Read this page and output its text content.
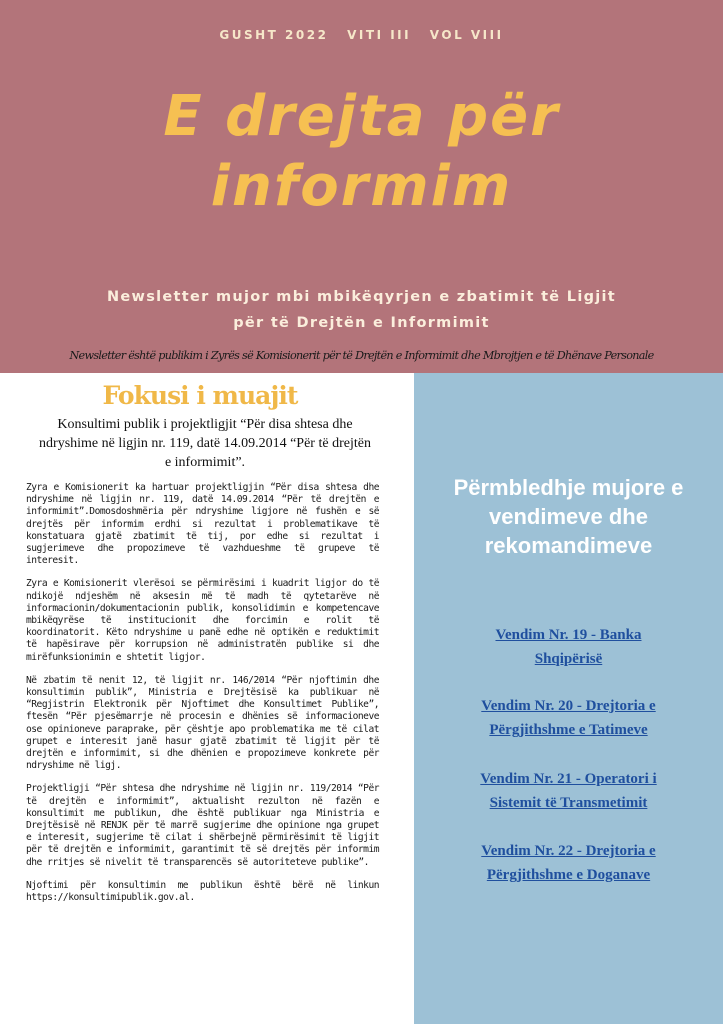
GUSHT 2022 VITI III VOL VIII
E drejta për
informim
Newsletter mujor mbi mbikëqyrjen e zbatimit të Ligjit
për të Drejtën e Informimit
Newsletter është publikim i Zyrës së Komisionerit për të Drejtën e Informimit dhe Mbrojtjen e të Dhënave Personale
Fokusi i muajit
Konsultimi publik i projektligjit “Për disa shtesa dhe ndryshime në ligjin nr. 119, datë 14.09.2014 “Për të drejtën e informimit”.

Zyra e Komisionerit ka hartuar projektligjin “Për disa shtesa dhe ndryshime në ligjin nr. 119, datë 14.09.2014 “Për të drejtën e informimit”.Domosdoshmëria për ndryshime ligjore në fushën e së drejtës për informim erdhi si rezultat i problematikave të konstatuara gjatë zbatimit të tij, por edhe si rezultat i sugjerimeve dhe propozimeve të vazhdueshme të grupeve të interesit.

Zyra e Komisionerit vlerësoi se përmirësimi i kuadrit ligjor do të ndikojë ndjeshëm në aksesin më të madh të qytetarëve në informacionin/dokumentacionin publik, konsolidimin e kompetencave mbikëqyrëse të institucionit dhe forcimin e rolit të koordinatorit. Këto ndryshime u panë edhe në optikën e reduktimit të hapësirave për korrupsion në administratën publike si dhe mirëfunksionimin e shtetit ligjor.

Në zbatim të nenit 12, të ligjit nr. 146/2014 “Për njoftimin dhe konsultimin publik”, Ministria e Drejtësisë ka publikuar në “Regjistrin Elektronik për Njoftimet dhe Konsultimet Publike”, ftesën “Për pjesëmarrje në procesin e dhënies së informacioneve ose opinioneve paraprake, për çështje apo problematika me të cilat grupet e interesit janë hasur gjatë zbatimit të ligjit për të drejtën e informimit, si dhe dhënien e propozimeve konkrete për ndryshime në ligj.

Projektligji “Për shtesa dhe ndryshime në ligjin nr. 119/2014 “Për të drejtën e informimit”, aktualisht rezulton në fazën e konsultimit me publikun, dhe është publikuar nga Ministria e Drejtësisë në RENJK për të marrë sugjerime dhe opinione nga grupet e interesit, sugjerime të cilat i shërbejnë përmirësimit të ligjit për të drejtën e informimit, garantimit të së drejtës për informim dhe rritjes së nivelit të transparencës së autoriteteve publike”.

Njoftimi për konsultimin me publikun është bërë në linkun https://konsultimipublik.gov.al.

Përmbledhje mujore e vendimeve dhe rekomandimeve
Vendim Nr. 19 - Banka
Shqipërisë
Vendim Nr. 20 - Drejtoria e
Përgjithshme e Tatimeve
Vendim Nr. 21 - Operatori i
Sistemit të Transmetimit
Vendim Nr. 22 - Drejtoria e
Përgjithshme e Doganave
